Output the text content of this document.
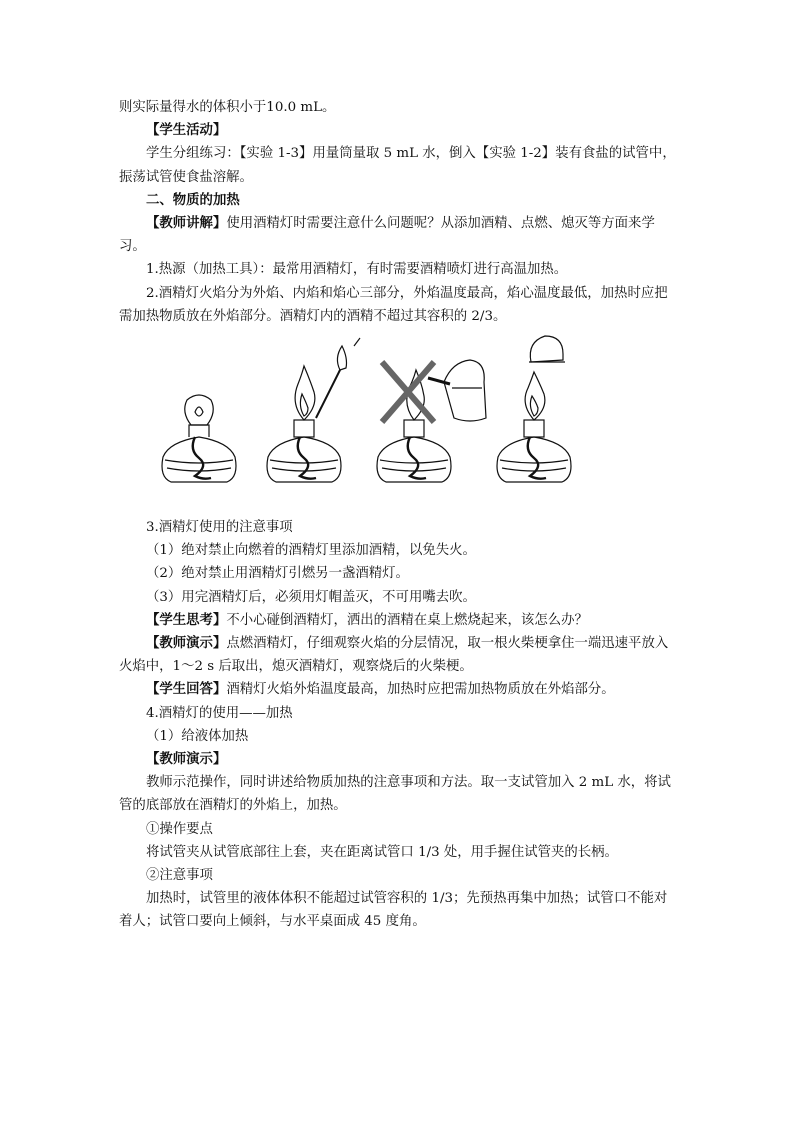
则实际量得水的体积小于10.0 mL。

【学生活动】

学生分组练习：【实验 1-3】用量筒量取 5 mL 水，倒入【实验 1-2】装有食盐的试管中，振荡试管使食盐溶解。

二、物质的加热

【教师讲解】使用酒精灯时需要注意什么问题呢？从添加酒精、点燃、熄灭等方面来学习。

1.热源（加热工具）：最常用酒精灯，有时需要酒精喷灯进行高温加热。

2.酒精灯火焰分为外焰、内焰和焰心三部分，外焰温度最高，焰心温度最低，加热时应把需加热物质放在外焰部分。酒精灯内的酒精不超过其容积的 2/3。

3.酒精灯使用的注意事项

（1）绝对禁止向燃着的酒精灯里添加酒精，以免失火。

（2）绝对禁止用酒精灯引燃另一盏酒精灯。

（3）用完酒精灯后，必须用灯帽盖灭，不可用嘴去吹。

【学生思考】不小心碰倒酒精灯，洒出的酒精在桌上燃烧起来，该怎么办？

【教师演示】点燃酒精灯，仔细观察火焰的分层情况，取一根火柴梗拿住一端迅速平放入火焰中，1～2 s 后取出，熄灭酒精灯，观察烧后的火柴梗。

【学生回答】酒精灯火焰外焰温度最高，加热时应把需加热物质放在外焰部分。

4.酒精灯的使用——加热

（1）给液体加热

【教师演示】

教师示范操作，同时讲述给物质加热的注意事项和方法。取一支试管加入 2 mL 水，将试管的底部放在酒精灯的外焰上，加热。

①操作要点

将试管夹从试管底部往上套，夹在距离试管口 1/3 处，用手握住试管夹的长柄。

②注意事项

加热时，试管里的液体体积不能超过试管容积的 1/3；先预热再集中加热；试管口不能对着人；试管口要向上倾斜，与水平桌面成 45 度角。
